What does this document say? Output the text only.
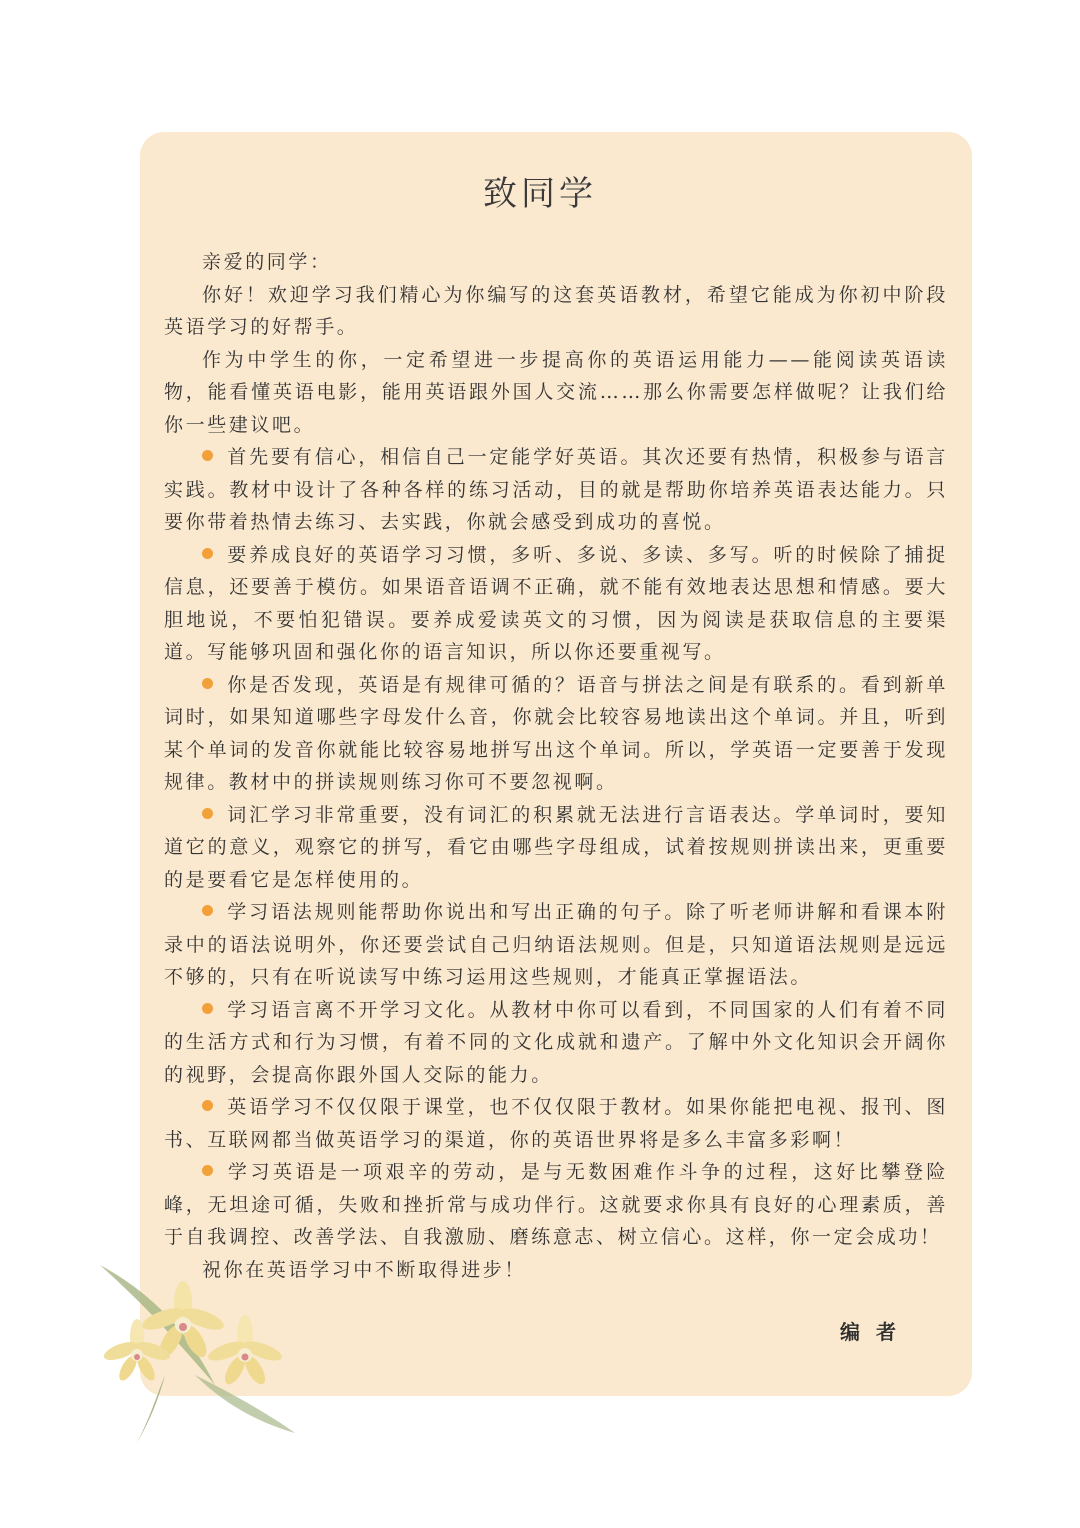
致同学

亲爱的同学：

你好！欢迎学习我们精心为你编写的这套英语教材，希望它能成为你初中阶段英语学习的好帮手。

作为中学生的你，一定希望进一步提高你的英语运用能力——能阅读英语读物，能看懂英语电影，能用英语跟外国人交流……那么你需要怎样做呢？让我们给你一些建议吧。

首先要有信心，相信自己一定能学好英语。其次还要有热情，积极参与语言实践。教材中设计了各种各样的练习活动，目的就是帮助你培养英语表达能力。只要你带着热情去练习、去实践，你就会感受到成功的喜悦。

要养成良好的英语学习习惯，多听、多说、多读、多写。听的时候除了捕捉信息，还要善于模仿。如果语音语调不正确，就不能有效地表达思想和情感。要大胆地说，不要怕犯错误。要养成爱读英文的习惯，因为阅读是获取信息的主要渠道。写能够巩固和强化你的语言知识，所以你还要重视写。

你是否发现，英语是有规律可循的？语音与拼法之间是有联系的。看到新单词时，如果知道哪些字母发什么音，你就会比较容易地读出这个单词。并且，听到某个单词的发音你就能比较容易地拼写出这个单词。所以，学英语一定要善于发现规律。教材中的拼读规则练习你可不要忽视啊。

词汇学习非常重要，没有词汇的积累就无法进行言语表达。学单词时，要知道它的意义，观察它的拼写，看它由哪些字母组成，试着按规则拼读出来，更重要的是要看它是怎样使用的。

学习语法规则能帮助你说出和写出正确的句子。除了听老师讲解和看课本附录中的语法说明外，你还要尝试自己归纳语法规则。但是，只知道语法规则是远远不够的，只有在听说读写中练习运用这些规则，才能真正掌握语法。

学习语言离不开学习文化。从教材中你可以看到，不同国家的人们有着不同的生活方式和行为习惯，有着不同的文化成就和遗产。了解中外文化知识会开阔你的视野，会提高你跟外国人交际的能力。

英语学习不仅仅限于课堂，也不仅仅限于教材。如果你能把电视、报刊、图书、互联网都当做英语学习的渠道，你的英语世界将是多么丰富多彩啊！

学习英语是一项艰辛的劳动，是与无数困难作斗争的过程，这好比攀登险峰，无坦途可循，失败和挫折常与成功伴行。这就要求你具有良好的心理素质，善于自我调控、改善学法、自我激励、磨练意志、树立信心。这样，你一定会成功！

祝你在英语学习中不断取得进步！

编者
